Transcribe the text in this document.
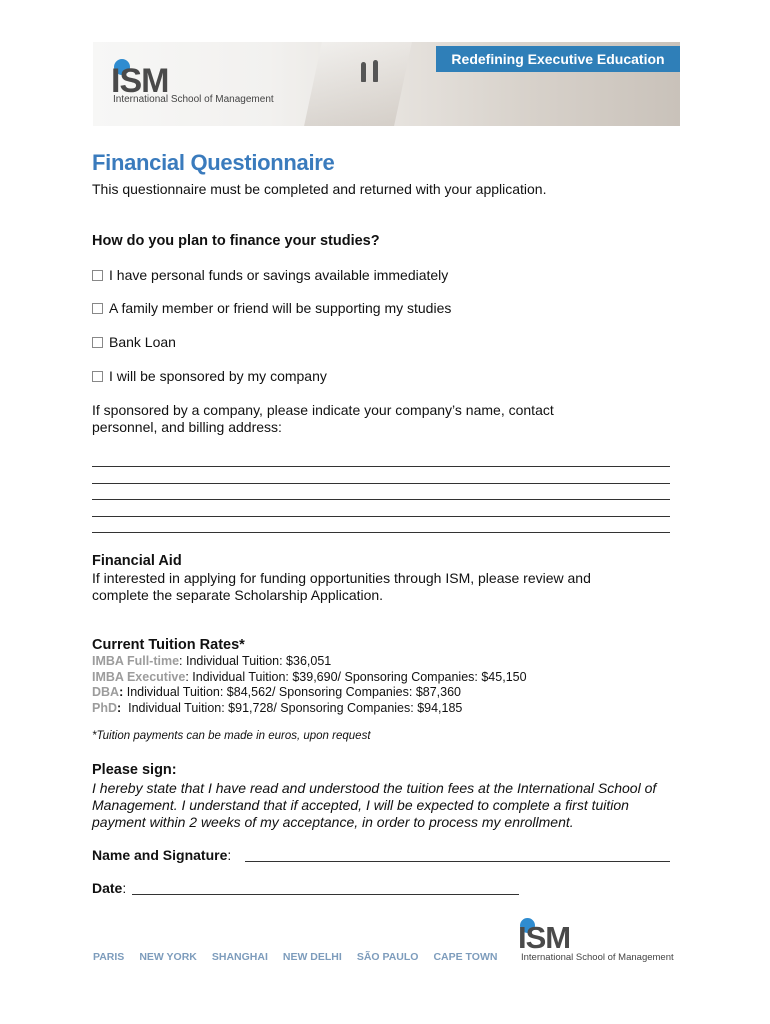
Redefining Executive Education
ISM
International School of Management
Financial Questionnaire
This questionnaire must be completed and returned with your application.
How do you plan to finance your studies?
I have personal funds or savings available immediately
A family member or friend will be supporting my studies
Bank Loan
I will be sponsored by my company
If sponsored by a company, please indicate your company’s name, contact
personnel, and billing address:
Financial Aid
If interested in applying for funding opportunities through ISM, please review and
complete the separate Scholarship Application.
Current Tuition Rates*
IMBA Full-time: Individual Tuition: $36,051
IMBA Executive: Individual Tuition: $39,690/ Sponsoring Companies: $45,150
DBA: Individual Tuition: $84,562/ Sponsoring Companies: $87,360
PhD:  Individual Tuition: $91,728/ Sponsoring Companies: $94,185
*Tuition payments can be made in euros, upon request
Please sign:
I hereby state that I have read and understood the tuition fees at the International School of Management. I understand that if accepted, I will be expected to complete a first tuition payment within 2 weeks of my acceptance, in order to process my enrollment.
Name and Signature:
Date:
PARIS NEW YORK SHANGHAI NEW DELHI SÃO PAULO CAPE TOWN
ISM
International School of Management
